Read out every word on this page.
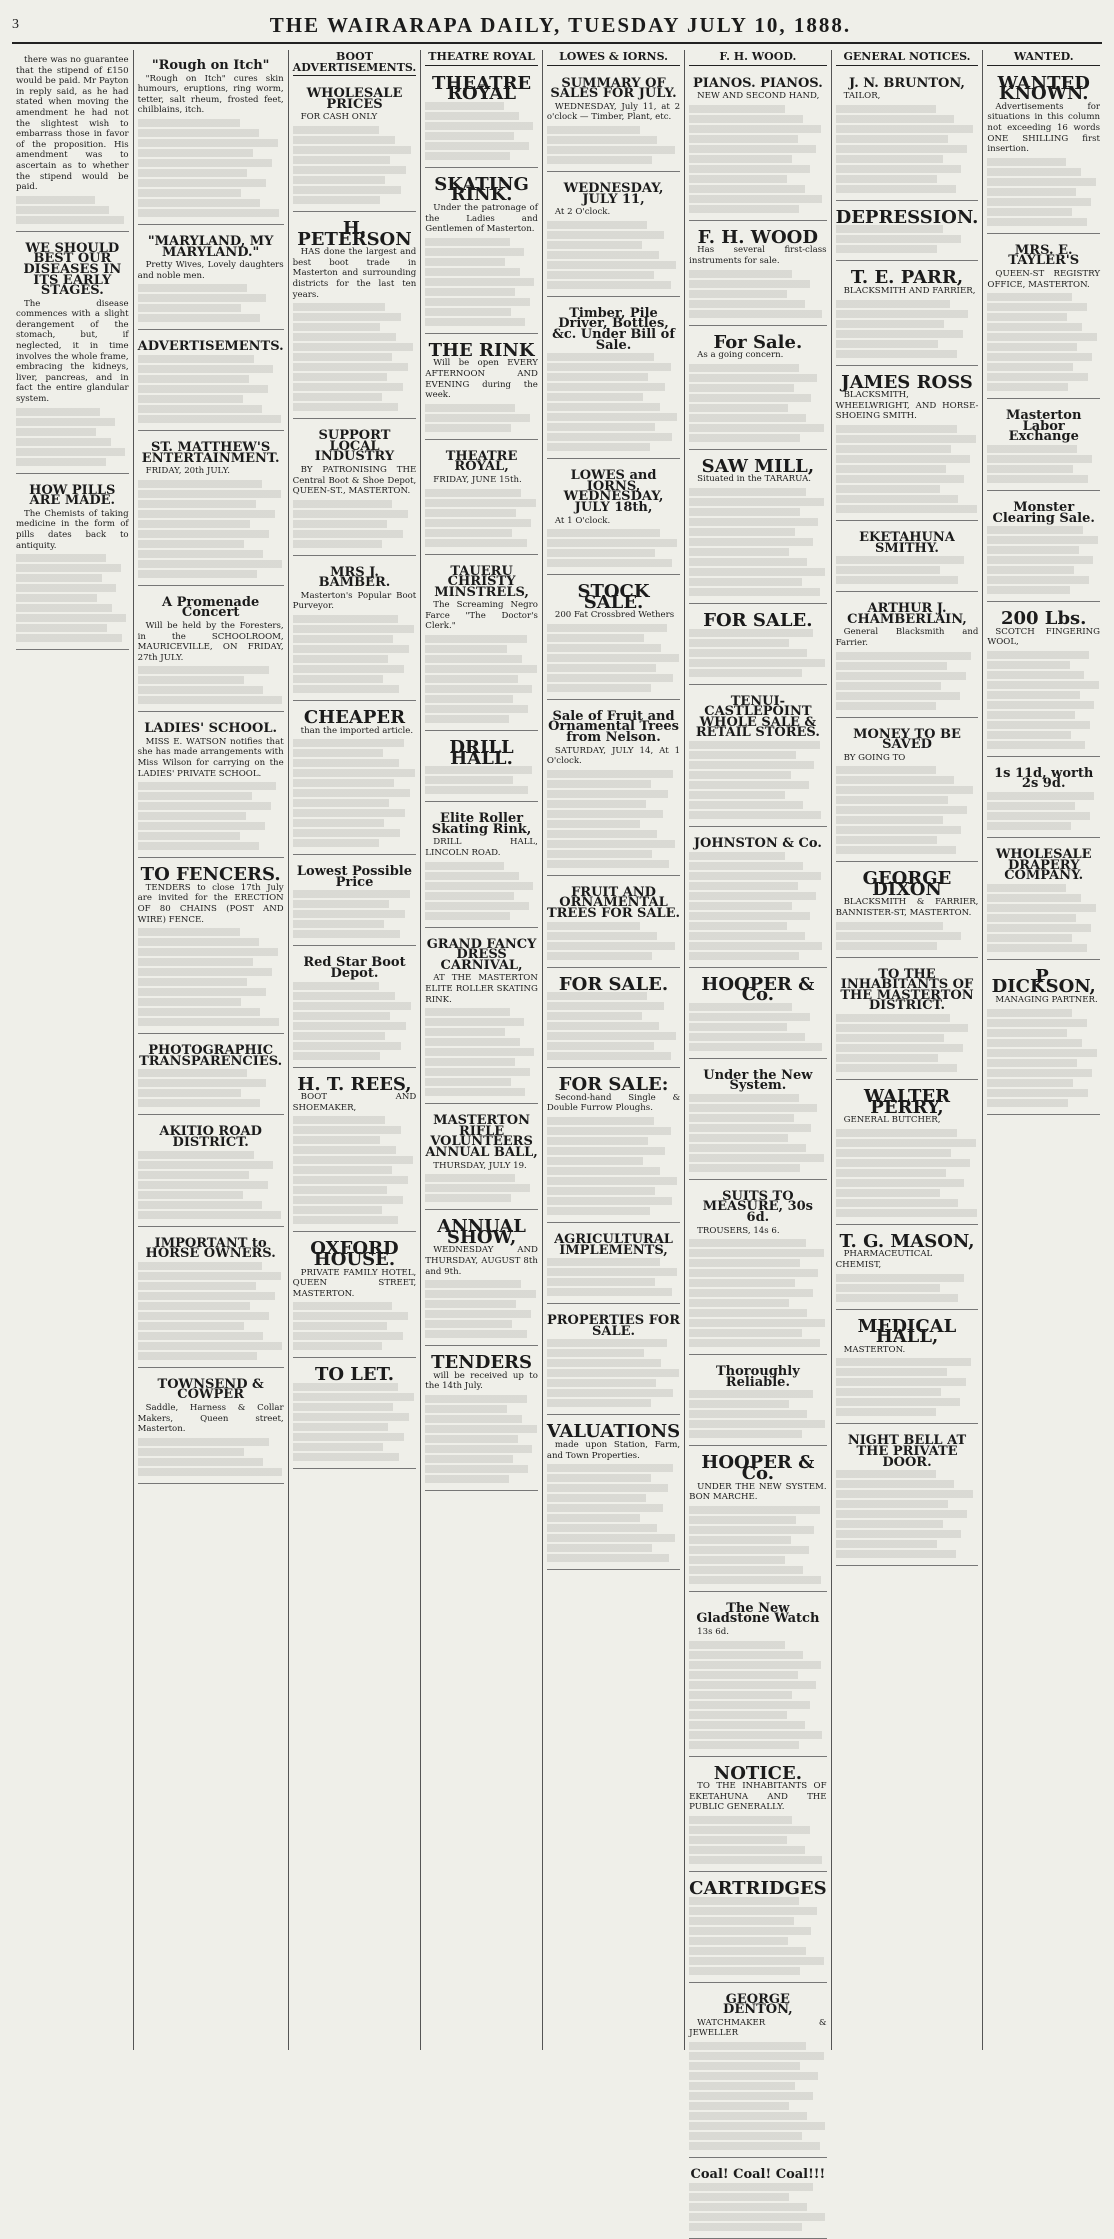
3	THE WAIRARAPA DAILY, TUESDAY JULY 10, 1888.
there was no guarantee that the stipend of £150 would be paid. Mr Payton in reply said, as he had stated when moving the amendment he had not the slightest wish to embarrass those in favor of the proposition. His amendment was to ascertain as to whether the stipend would be paid.
WE SHOULD BEST OUR DISEASES IN ITS EARLY STAGES.
The disease commences with a slight derangement of the stomach, but, if neglected, it in time involves the whole frame, embracing the kidneys, liver, pancreas, and in fact the entire glandular system.
HOW PILLS ARE MADE.
The Chemists of taking medicine in the form of pills dates back to antiquity.
"Rough on Itch"
"Rough on Itch" cures skin humours, eruptions, ring worm, tetter, salt rheum, frosted feet, chilblains, itch.
"MARYLAND, MY MARYLAND."
Pretty Wives, Lovely daughters and noble men.
ADVERTISEMENTS.
ST. MATTHEW'S ENTERTAINMENT.
FRIDAY, 20th JULY.
A Promenade Concert
Will be held by the Foresters, in the SCHOOLROOM, MAURICEVILLE, ON FRIDAY, 27th JULY.
LADIES' SCHOOL.
MISS E. WATSON notifies that she has made arrangements with Miss Wilson for carrying on the LADIES' PRIVATE SCHOOL.
TO FENCERS.
TENDERS to close 17th July are invited for the ERECTION OF 80 CHAINS (POST AND WIRE) FENCE.
PHOTOGRAPHIC TRANSPARENCIES.
AKITIO ROAD DISTRICT.
IMPORTANT to HORSE OWNERS.
TOWNSEND & COWPER
Saddle, Harness & Collar Makers, Queen street, Masterton.
BOOT ADVERTISEMENTS.
WHOLESALE PRICES
FOR CASH ONLY
H. PETERSON
HAS done the largest and best boot trade in Masterton and surrounding districts for the last ten years.
SUPPORT LOCAL INDUSTRY
BY PATRONISING THE Central Boot & Shoe Depot, QUEEN-ST., MASTERTON.
MRS J. BAMBER.
Masterton's Popular Boot Purveyor.
CHEAPER
than the imported article.
Lowest Possible Price
Red Star Boot Depot.
H. T. REES,
BOOT AND SHOEMAKER,
OXFORD HOUSE.
PRIVATE FAMILY HOTEL, QUEEN STREET, MASTERTON.
TO LET.
THEATRE ROYAL
THEATRE ROYAL
SKATING RINK.
Under the patronage of the Ladies and Gentlemen of Masterton.
THE RINK
Will be open EVERY AFTERNOON AND EVENING during the week.
THEATRE ROYAL,
FRIDAY, JUNE 15th.
TAUERU CHRISTY MINSTRELS,
The Screaming Negro Farce "The Doctor's Clerk."
DRILL HALL.
Elite Roller Skating Rink,
DRILL HALL, LINCOLN ROAD.
GRAND FANCY DRESS CARNIVAL,
AT THE MASTERTON ELITE ROLLER SKATING RINK.
MASTERTON RIFLE VOLUNTEERS ANNUAL BALL,
THURSDAY, JULY 19.
ANNUAL SHOW,
WEDNESDAY AND THURSDAY, AUGUST 8th and 9th.
TENDERS
will be received up to the 14th July.
LOWES & IORNS.
SUMMARY OF SALES FOR JULY.
WEDNESDAY, July 11, at 2 o'clock — Timber, Plant, etc.
WEDNESDAY, JULY 11,
At 2 O'clock.
Timber, Pile Driver, Bottles, &c. Under Bill of Sale.
LOWES and IORNS, WEDNESDAY, JULY 18th,
At 1 O'clock.
STOCK SALE.
200 Fat Crossbred Wethers
Sale of Fruit and Ornamental Trees from Nelson.
SATURDAY, JULY 14, At 1 O'clock.
FRUIT AND ORNAMENTAL TREES FOR SALE.
FOR SALE.
FOR SALE:
Second-hand Single & Double Furrow Ploughs.
AGRICULTURAL IMPLEMENTS,
PROPERTIES FOR SALE.
VALUATIONS
made upon Station, Farm, and Town Properties.
F. H. WOOD.
PIANOS. PIANOS.
NEW AND SECOND HAND,
F. H. WOOD
Has several first-class instruments for sale.
For Sale.
As a going concern.
SAW MILL,
Situated in the TARARUA.
FOR SALE.
TENUI-CASTLEPOINT WHOLE SALE & RETAIL STORES.
JOHNSTON & Co.
HOOPER & Co.
Under the New System.
SUITS TO MEASURE, 30s 6d.
TROUSERS, 14s 6.
Thoroughly Reliable.
HOOPER & Co.
UNDER THE NEW SYSTEM. BON MARCHE.
The New Gladstone Watch
13s 6d.
NOTICE.
TO THE INHABITANTS OF EKETAHUNA AND THE PUBLIC GENERALLY.
CARTRIDGES
GEORGE DENTON,
WATCHMAKER & JEWELLER
Coal! Coal! Coal!!!
GENERAL NOTICES.
J. N. BRUNTON,
TAILOR,
DEPRESSION.
T. E. PARR,
BLACKSMITH AND FARRIER,
JAMES ROSS
BLACKSMITH, WHEELWRIGHT, AND HORSE-SHOEING SMITH.
EKETAHUNA SMITHY.
ARTHUR J. CHAMBERLAIN,
General Blacksmith and Farrier.
MONEY TO BE SAVED
BY GOING TO
GEORGE DIXON
BLACKSMITH & FARRIER, BANNISTER-ST, MASTERTON.
TO THE INHABITANTS OF THE MASTERTON DISTRICT.
WALTER PERRY,
GENERAL BUTCHER,
T. G. MASON,
PHARMACEUTICAL CHEMIST,
MEDICAL HALL,
MASTERTON.
NIGHT BELL AT THE PRIVATE DOOR.
WANTED.
WANTED KNOWN.
Advertisements for situations in this column not exceeding 16 words ONE SHILLING first insertion.
MRS. E. TAYLER'S
QUEEN-ST REGISTRY OFFICE, MASTERTON.
Masterton Labor Exchange
Monster Clearing Sale.
200 Lbs.
SCOTCH FINGERING WOOL,
1s 11d, worth 2s 9d.
WHOLESALE DRAPERY COMPANY.
P. DICKSON,
MANAGING PARTNER.
